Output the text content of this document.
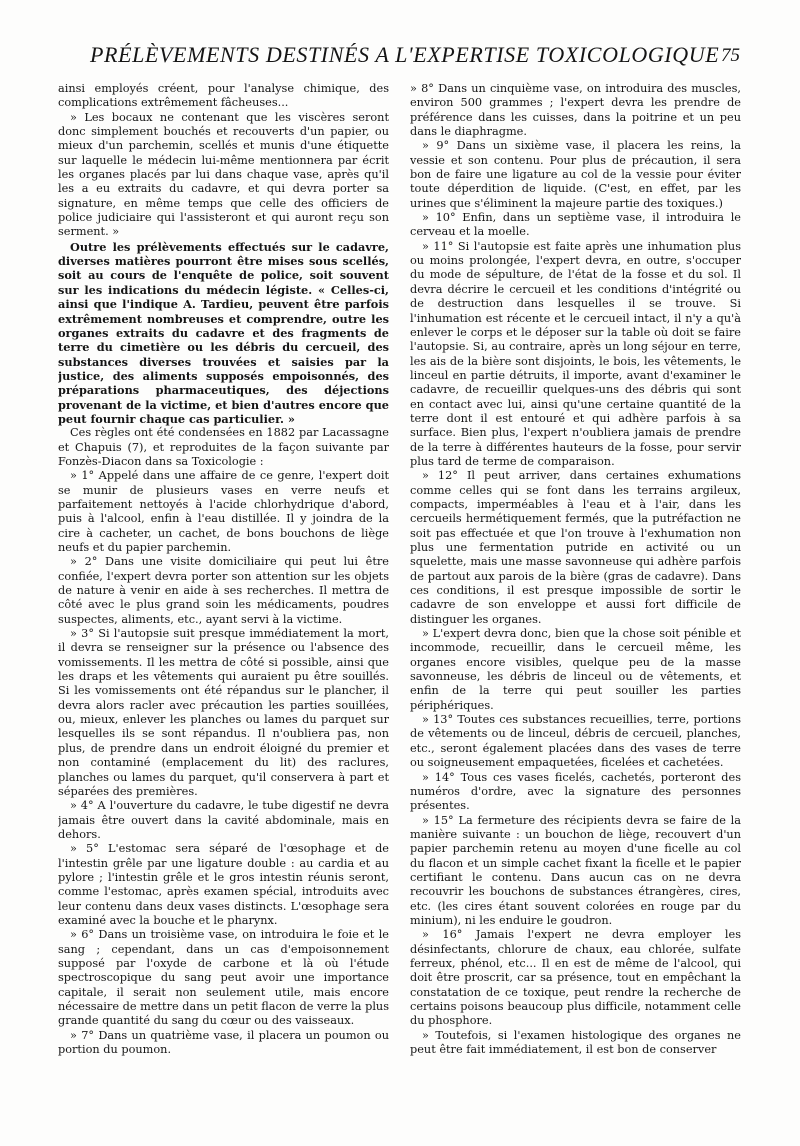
PRÉLÈVEMENTS DESTINÉS A L'EXPERTISE TOXICOLOGIQUE 75

ainsi employés créent, pour l'analyse chimique, des complications extrêmement fâcheuses...

» Les bocaux ne contenant que les viscères seront donc simplement bouchés et recouverts d'un papier, ou mieux d'un parchemin, scellés et munis d'une étiquette sur laquelle le médecin lui-même mentionnera par écrit les organes placés par lui dans chaque vase, après qu'il les a eu extraits du cadavre, et qui devra porter sa signature, en même temps que celle des officiers de police judiciaire qui l'assisteront et qui auront reçu son serment. »

Outre les prélèvements effectués sur le cadavre, diverses matières pourront être mises sous scellés, soit au cours de l'enquête de police, soit souvent sur les indications du médecin légiste. « Celles-ci, ainsi que l'indique A. Tardieu, peuvent être parfois extrêmement nombreuses et comprendre, outre les organes extraits du cadavre et des fragments de terre du cimetière ou les débris du cercueil, des substances diverses trouvées et saisies par la justice, des aliments supposés empoisonnés, des préparations pharmaceutiques, des déjections provenant de la victime, et bien d'autres encore que peut fournir chaque cas particulier. »

Ces règles ont été condensées en 1882 par Lacassagne et Chapuis (7), et reproduites de la façon suivante par Fonzès-Diacon dans sa Toxicologie :

» 1° Appelé dans une affaire de ce genre, l'expert doit se munir de plusieurs vases en verre neufs et parfaitement nettoyés à l'acide chlorhydrique d'abord, puis à l'alcool, enfin à l'eau distillée. Il y joindra de la cire à cacheter, un cachet, de bons bouchons de liège neufs et du papier parchemin.

» 2° Dans une visite domiciliaire qui peut lui être confiée, l'expert devra porter son attention sur les objets de nature à venir en aide à ses recherches. Il mettra de côté avec le plus grand soin les médicaments, poudres suspectes, aliments, etc., ayant servi à la victime.

» 3° Si l'autopsie suit presque immédiatement la mort, il devra se renseigner sur la présence ou l'absence des vomissements. Il les mettra de côté si possible, ainsi que les draps et les vêtements qui auraient pu être souillés. Si les vomissements ont été répandus sur le plancher, il devra alors racler avec précaution les parties souillées, ou, mieux, enlever les planches ou lames du parquet sur lesquelles ils se sont répandus. Il n'oubliera pas, non plus, de prendre dans un endroit éloigné du premier et non contaminé (emplacement du lit) des raclures, planches ou lames du parquet, qu'il conservera à part et séparées des premières.

» 4° A l'ouverture du cadavre, le tube digestif ne devra jamais être ouvert dans la cavité abdominale, mais en dehors.

» 5° L'estomac sera séparé de l'œsophage et de l'intestin grêle par une ligature double : au cardia et au pylore ; l'intestin grêle et le gros intestin réunis seront, comme l'estomac, après examen spécial, introduits avec leur contenu dans deux vases distincts. L'œsophage sera examiné avec la bouche et le pharynx.

» 6° Dans un troisième vase, on introduira le foie et le sang ; cependant, dans un cas d'empoisonnement supposé par l'oxyde de carbone et là où l'étude spectroscopique du sang peut avoir une importance capitale, il serait non seulement utile, mais encore nécessaire de mettre dans un petit flacon de verre la plus grande quantité du sang du cœur ou des vaisseaux.

» 7° Dans un quatrième vase, il placera un poumon ou portion du poumon.

» 8° Dans un cinquième vase, on introduira des muscles, environ 500 grammes ; l'expert devra les prendre de préférence dans les cuisses, dans la poitrine et un peu dans le diaphragme.

» 9° Dans un sixième vase, il placera les reins, la vessie et son contenu. Pour plus de précaution, il sera bon de faire une ligature au col de la vessie pour éviter toute déperdition de liquide. (C'est, en effet, par les urines que s'éliminent la majeure partie des toxiques.)

» 10° Enfin, dans un septième vase, il introduira le cerveau et la moelle.

» 11° Si l'autopsie est faite après une inhumation plus ou moins prolongée, l'expert devra, en outre, s'occuper du mode de sépulture, de l'état de la fosse et du sol. Il devra décrire le cercueil et les conditions d'intégrité ou de destruction dans lesquelles il se trouve. Si l'inhumation est récente et le cercueil intact, il n'y a qu'à enlever le corps et le déposer sur la table où doit se faire l'autopsie. Si, au contraire, après un long séjour en terre, les ais de la bière sont disjoints, le bois, les vêtements, le linceul en partie détruits, il importe, avant d'examiner le cadavre, de recueillir quelques-uns des débris qui sont en contact avec lui, ainsi qu'une certaine quantité de la terre dont il est entouré et qui adhère parfois à sa surface. Bien plus, l'expert n'oubliera jamais de prendre de la terre à différentes hauteurs de la fosse, pour servir plus tard de terme de comparaison.

» 12° Il peut arriver, dans certaines exhumations comme celles qui se font dans les terrains argileux, compacts, imperméables à l'eau et à l'air, dans les cercueils hermétiquement fermés, que la putréfaction ne soit pas effectuée et que l'on trouve à l'exhumation non plus une fermentation putride en activité ou un squelette, mais une masse savonneuse qui adhère parfois de partout aux parois de la bière (gras de cadavre). Dans ces conditions, il est presque impossible de sortir le cadavre de son enveloppe et aussi fort difficile de distinguer les organes.

» L'expert devra donc, bien que la chose soit pénible et incommode, recueillir, dans le cercueil même, les organes encore visibles, quelque peu de la masse savonneuse, les débris de linceul ou de vêtements, et enfin de la terre qui peut souiller les parties périphériques.

» 13° Toutes ces substances recueillies, terre, portions de vêtements ou de linceul, débris de cercueil, planches, etc., seront également placées dans des vases de terre ou soigneusement empaquetées, ficelées et cachetées.

» 14° Tous ces vases ficelés, cachetés, porteront des numéros d'ordre, avec la signature des personnes présentes.

» 15° La fermeture des récipients devra se faire de la manière suivante : un bouchon de liège, recouvert d'un papier parchemin retenu au moyen d'une ficelle au col du flacon et un simple cachet fixant la ficelle et le papier certifiant le contenu. Dans aucun cas on ne devra recouvrir les bouchons de substances étrangères, cires, etc. (les cires étant souvent colorées en rouge par du minium), ni les enduire le goudron.

» 16° Jamais l'expert ne devra employer les désinfectants, chlorure de chaux, eau chlorée, sulfate ferreux, phénol, etc... Il en est de même de l'alcool, qui doit être proscrit, car sa présence, tout en empêchant la constatation de ce toxique, peut rendre la recherche de certains poisons beaucoup plus difficile, notamment celle du phosphore.

» Toutefois, si l'examen histologique des organes ne peut être fait immédiatement, il est bon de conserver
